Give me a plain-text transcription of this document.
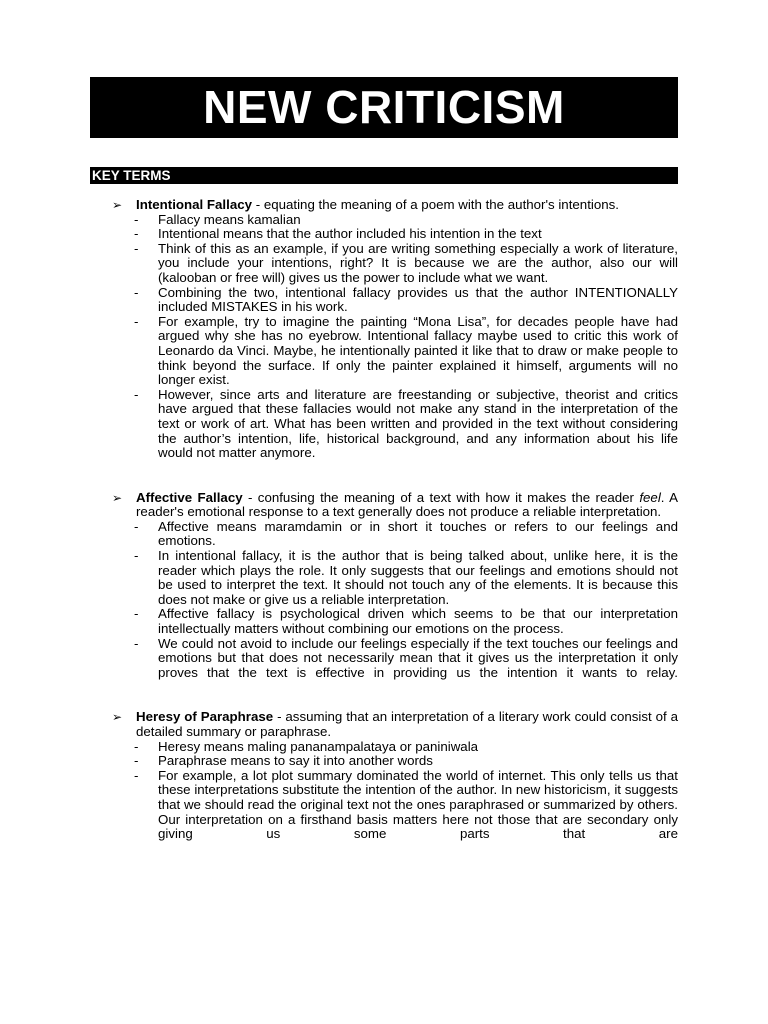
NEW CRITICISM
KEY TERMS
➢ Intentional Fallacy - equating the meaning of a poem with the author's intentions.
- Fallacy means kamalian
- Intentional means that the author included his intention in the text
- Think of this as an example, if you are writing something especially a work of literature, you include your intentions, right? It is because we are the author, also our will (kalooban or free will) gives us the power to include what we want.
- Combining the two, intentional fallacy provides us that the author INTENTIONALLY included MISTAKES in his work.
- For example, try to imagine the painting “Mona Lisa”, for decades people have had argued why she has no eyebrow. Intentional fallacy maybe used to critic this work of Leonardo da Vinci. Maybe, he intentionally painted it like that to draw or make people to think beyond the surface. If only the painter explained it himself, arguments will no longer exist.
- However, since arts and literature are freestanding or subjective, theorist and critics have argued that these fallacies would not make any stand in the interpretation of the text or work of art. What has been written and provided in the text without considering the author’s intention, life, historical background, and any information about his life would not matter anymore.
➢ Affective Fallacy - confusing the meaning of a text with how it makes the reader feel. A reader's emotional response to a text generally does not produce a reliable interpretation.
- Affective means maramdamin or in short it touches or refers to our feelings and emotions.
- In intentional fallacy, it is the author that is being talked about, unlike here, it is the reader which plays the role. It only suggests that our feelings and emotions should not be used to interpret the text. It should not touch any of the elements. It is because this does not make or give us a reliable interpretation.
- Affective fallacy is psychological driven which seems to be that our interpretation intellectually matters without combining our emotions on the process.
- We could not avoid to include our feelings especially if the text touches our feelings and emotions but that does not necessarily mean that it gives us the interpretation it only proves that the text is effective in providing us the intention it wants to relay.
➢ Heresy of Paraphrase - assuming that an interpretation of a literary work could consist of a detailed summary or paraphrase.
- Heresy means maling pananampalataya or paniniwala
- Paraphrase means to say it into another words
- For example, a lot plot summary dominated the world of internet. This only tells us that these interpretations substitute the intention of the author. In new historicism, it suggests that we should read the original text not the ones paraphrased or summarized by others. Our interpretation on a firsthand basis matters here not those that are secondary only giving us some parts that are
